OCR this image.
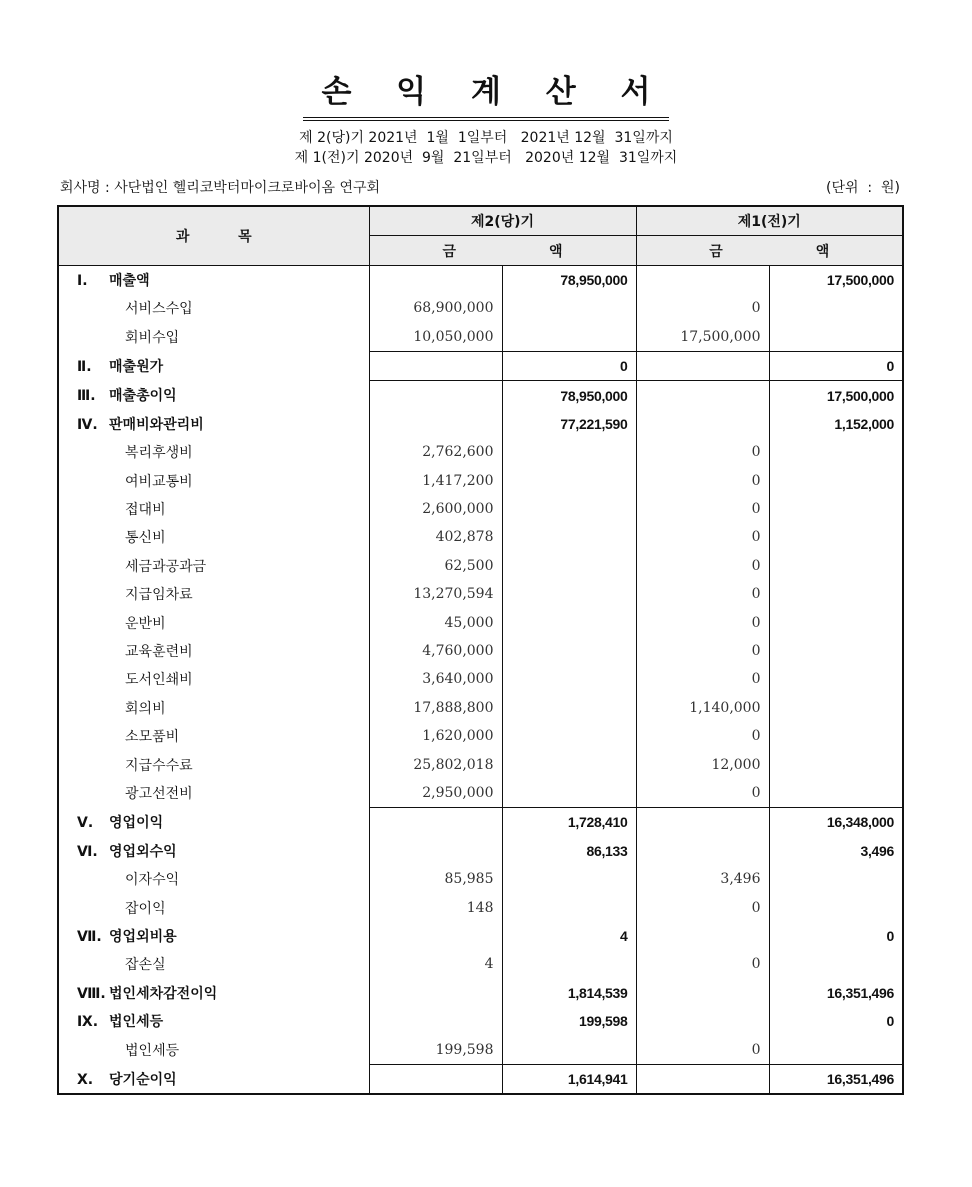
손 익 계 산 서
제 2(당)기 2021년  1월  1일부터   2021년 12월  31일까지
제 1(전)기 2020년  9월  21일부터   2020년 12월  31일까지
회사명 : 사단법인 헬리코박터마이크로바이옴 연구회	(단위  :  원)
과          목	제2(당)기		제1(전)기	

	금 액		금 액	

Ⅰ. 매출액		78,950,000		17,500,000
서비스수입	68,900,000		0	
회비수입	10,050,000		17,500,000	
Ⅱ. 매출원가		0		0
Ⅲ. 매출총이익		78,950,000		17,500,000
Ⅳ. 판매비와관리비		77,221,590		1,152,000
복리후생비	2,762,600		0	
여비교통비	1,417,200		0	
접대비	2,600,000		0	
통신비	402,878		0	
세금과공과금	62,500		0	
지급임차료	13,270,594		0	
운반비	45,000		0	
교육훈련비	4,760,000		0	
도서인쇄비	3,640,000		0	
회의비	17,888,800		1,140,000	
소모품비	1,620,000		0	
지급수수료	25,802,018		12,000	
광고선전비	2,950,000		0	
Ⅴ. 영업이익		1,728,410		16,348,000
Ⅵ. 영업외수익		86,133		3,496
이자수익	85,985		3,496	
잡이익	148		0	
Ⅶ. 영업외비용		4		0
잡손실	4		0	
Ⅷ. 법인세차감전이익		1,814,539		16,351,496
Ⅸ. 법인세등		199,598		0
법인세등	199,598		0	
Ⅹ. 당기순이익		1,614,941		16,351,496
